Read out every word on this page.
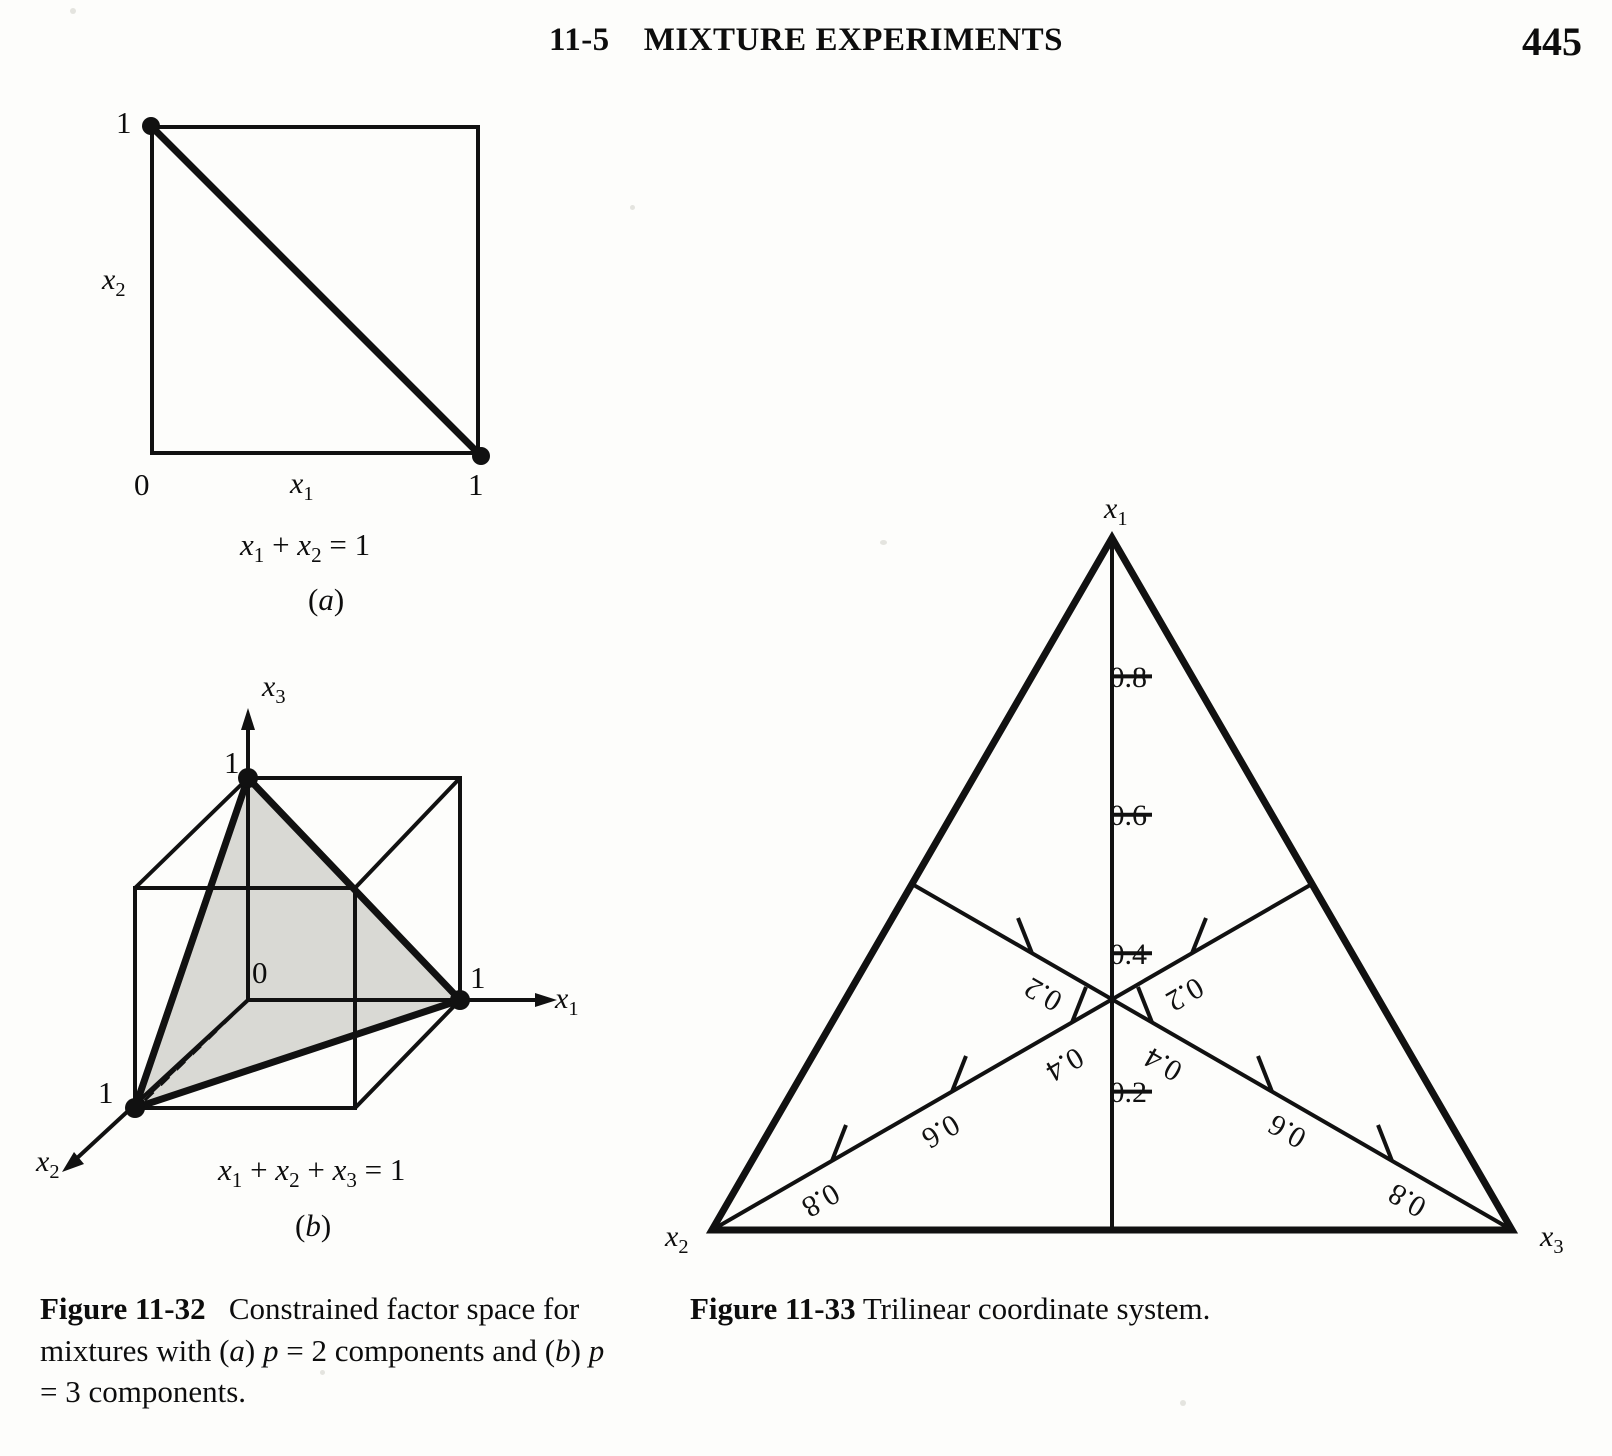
11-5 MIXTURE EXPERIMENTS	445
$x_2$
$x_1$
0	1
1
$x_1 + x_2 = 1$
(a)
$x_3$
$x_1$
$x_2$
0
1
1
1
$x_1 + x_2 + x_3 = 1$
(b)
0.2
0.4
0.6
0.8
0.8
0.6
0.4
0.2
0.8
0.6
0.4
0.2
$x_1$
$x_2$	$x_3$
Figure 11-32   Constrained factor space for mixtures with (a) p = 2 components and (b) p = 3 components.
Figure 11-33 Trilinear coordinate system.
